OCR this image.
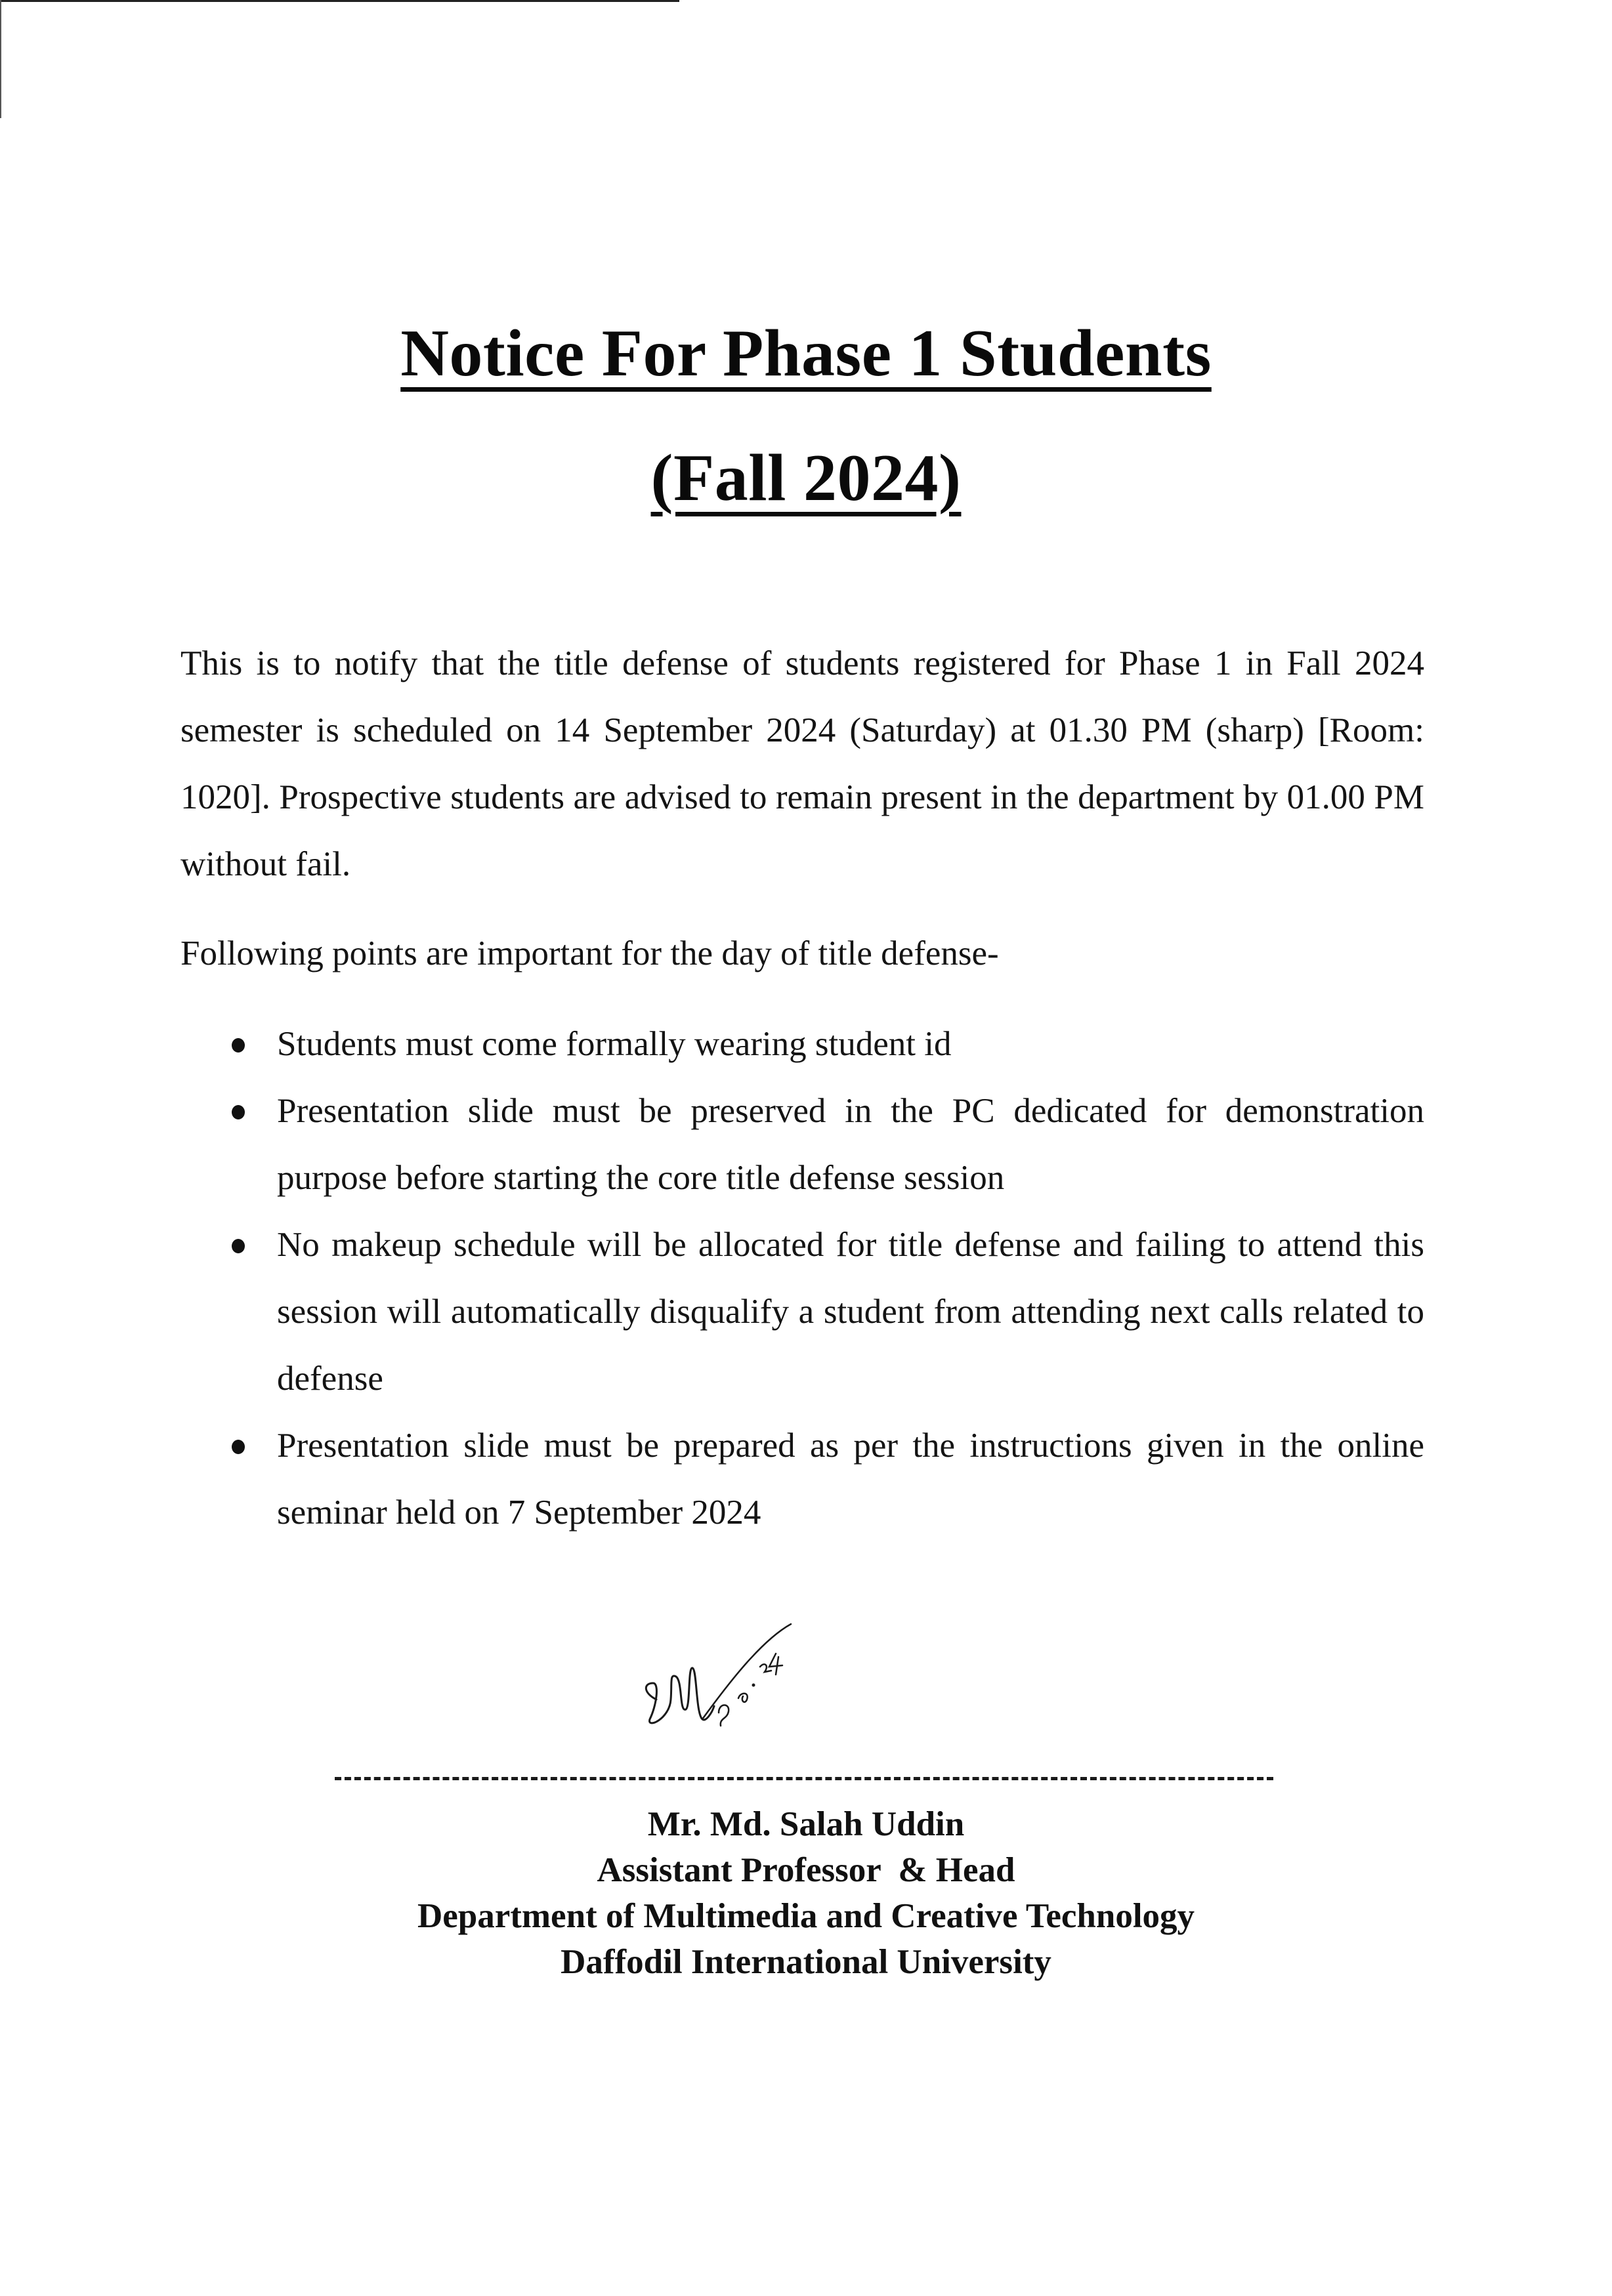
Notice For Phase 1 Students
(Fall 2024)

This is to notify that the title defense of students registered for Phase 1 in Fall 2024 semester is scheduled on 14 September 2024 (Saturday) at 01.30 PM (sharp) [Room: 1020]. Prospective students are advised to remain present in the department by 01.00 PM without fail.

Following points are important for the day of title defense-

Students must come formally wearing student id
Presentation slide must be preserved in the PC dedicated for demonstration purpose before starting the core title defense session
No makeup schedule will be allocated for title defense and failing to attend this session will automatically disqualify a student from attending next calls related to defense
Presentation slide must be prepared as per the instructions given in the online seminar held on 7 September 2024
Mr. Md. Salah Uddin
Assistant Professor  & Head
Department of Multimedia and Creative Technology
Daffodil International University
